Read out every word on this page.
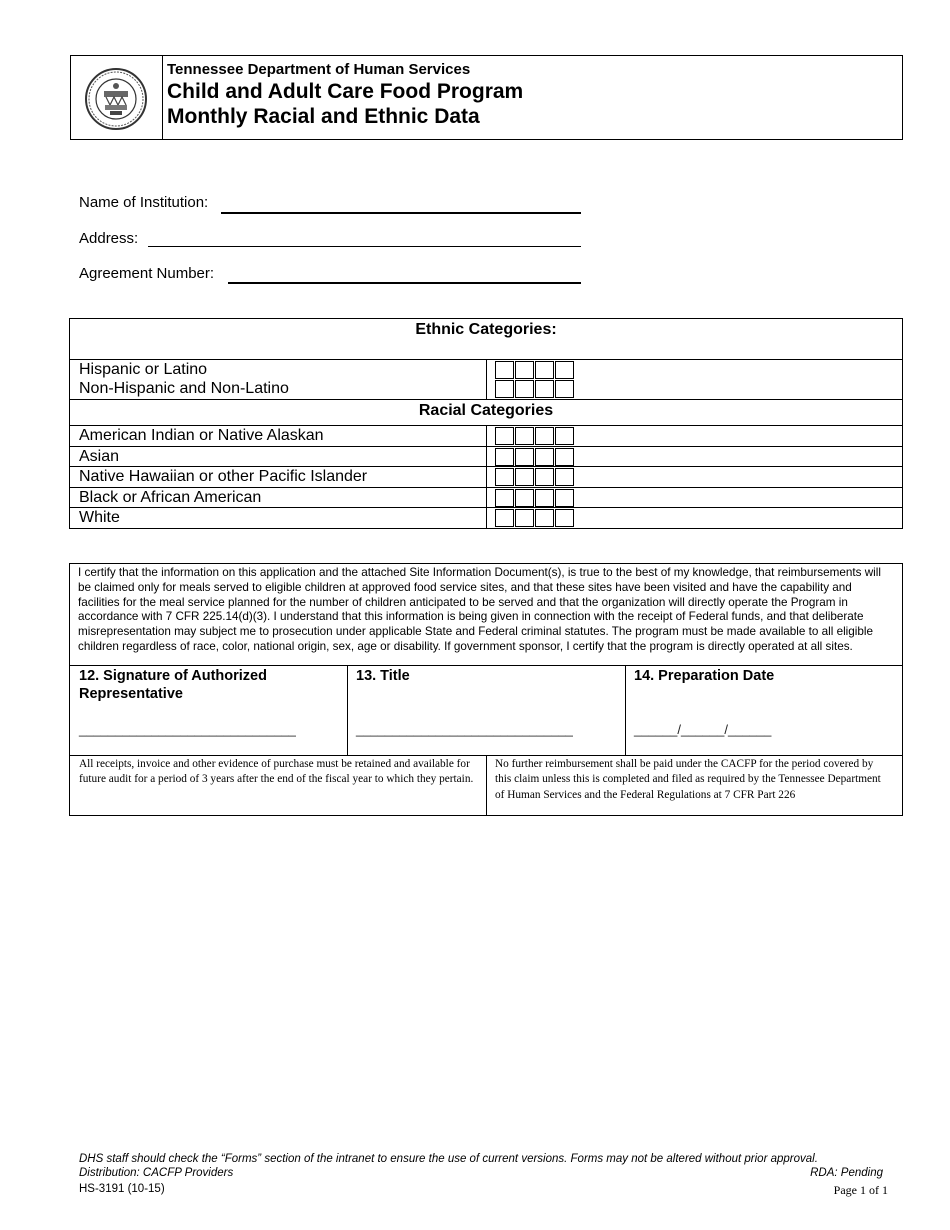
Tennessee Department of Human Services
Child and Adult Care Food Program
Monthly Racial and Ethnic Data
Name of Institution:
Address:
Agreement Number:
Ethnic Categories:
Hispanic or Latino
Non-Hispanic and Non-Latino
Racial Categories
American Indian or Native Alaskan
Asian
Native Hawaiian or other Pacific Islander
Black or African American
White
I certify that the information on this application and the attached Site Information Document(s), is true to the best of my knowledge, that reimbursements will be claimed only for meals served to eligible children at approved food service sites, and that these sites have been visited and have the capability and facilities for the meal service planned for the number of children anticipated to be served and that the organization will directly operate the Program in accordance with 7 CFR 225.14(d)(3). I understand that this information is being given in connection with the receipt of Federal funds, and that deliberate misrepresentation may subject me to prosecution under applicable State and Federal criminal statutes. The program must be made available to all eligible children regardless of race, color, national origin, sex, age or disability. If government sponsor, I certify that the program is directly operated at all sites.
12. Signature of Authorized Representative
13. Title	14. Preparation Date
______________________________	______________________________	______/______/______
All receipts, invoice and other evidence of purchase must be retained and available for future audit for a period of 3 years after the end of the fiscal year to which they pertain.
No further reimbursement shall be paid under the CACFP for the period covered by this claim unless this is completed and filed as required by the Tennessee Department of Human Services and the Federal Regulations at 7 CFR Part 226
DHS staff should check the “Forms” section of the intranet to ensure the use of current versions. Forms may not be altered without prior approval.
Distribution: CACFP Providers	RDA: Pending
HS-3191 (10-15)	Page 1 of 1
